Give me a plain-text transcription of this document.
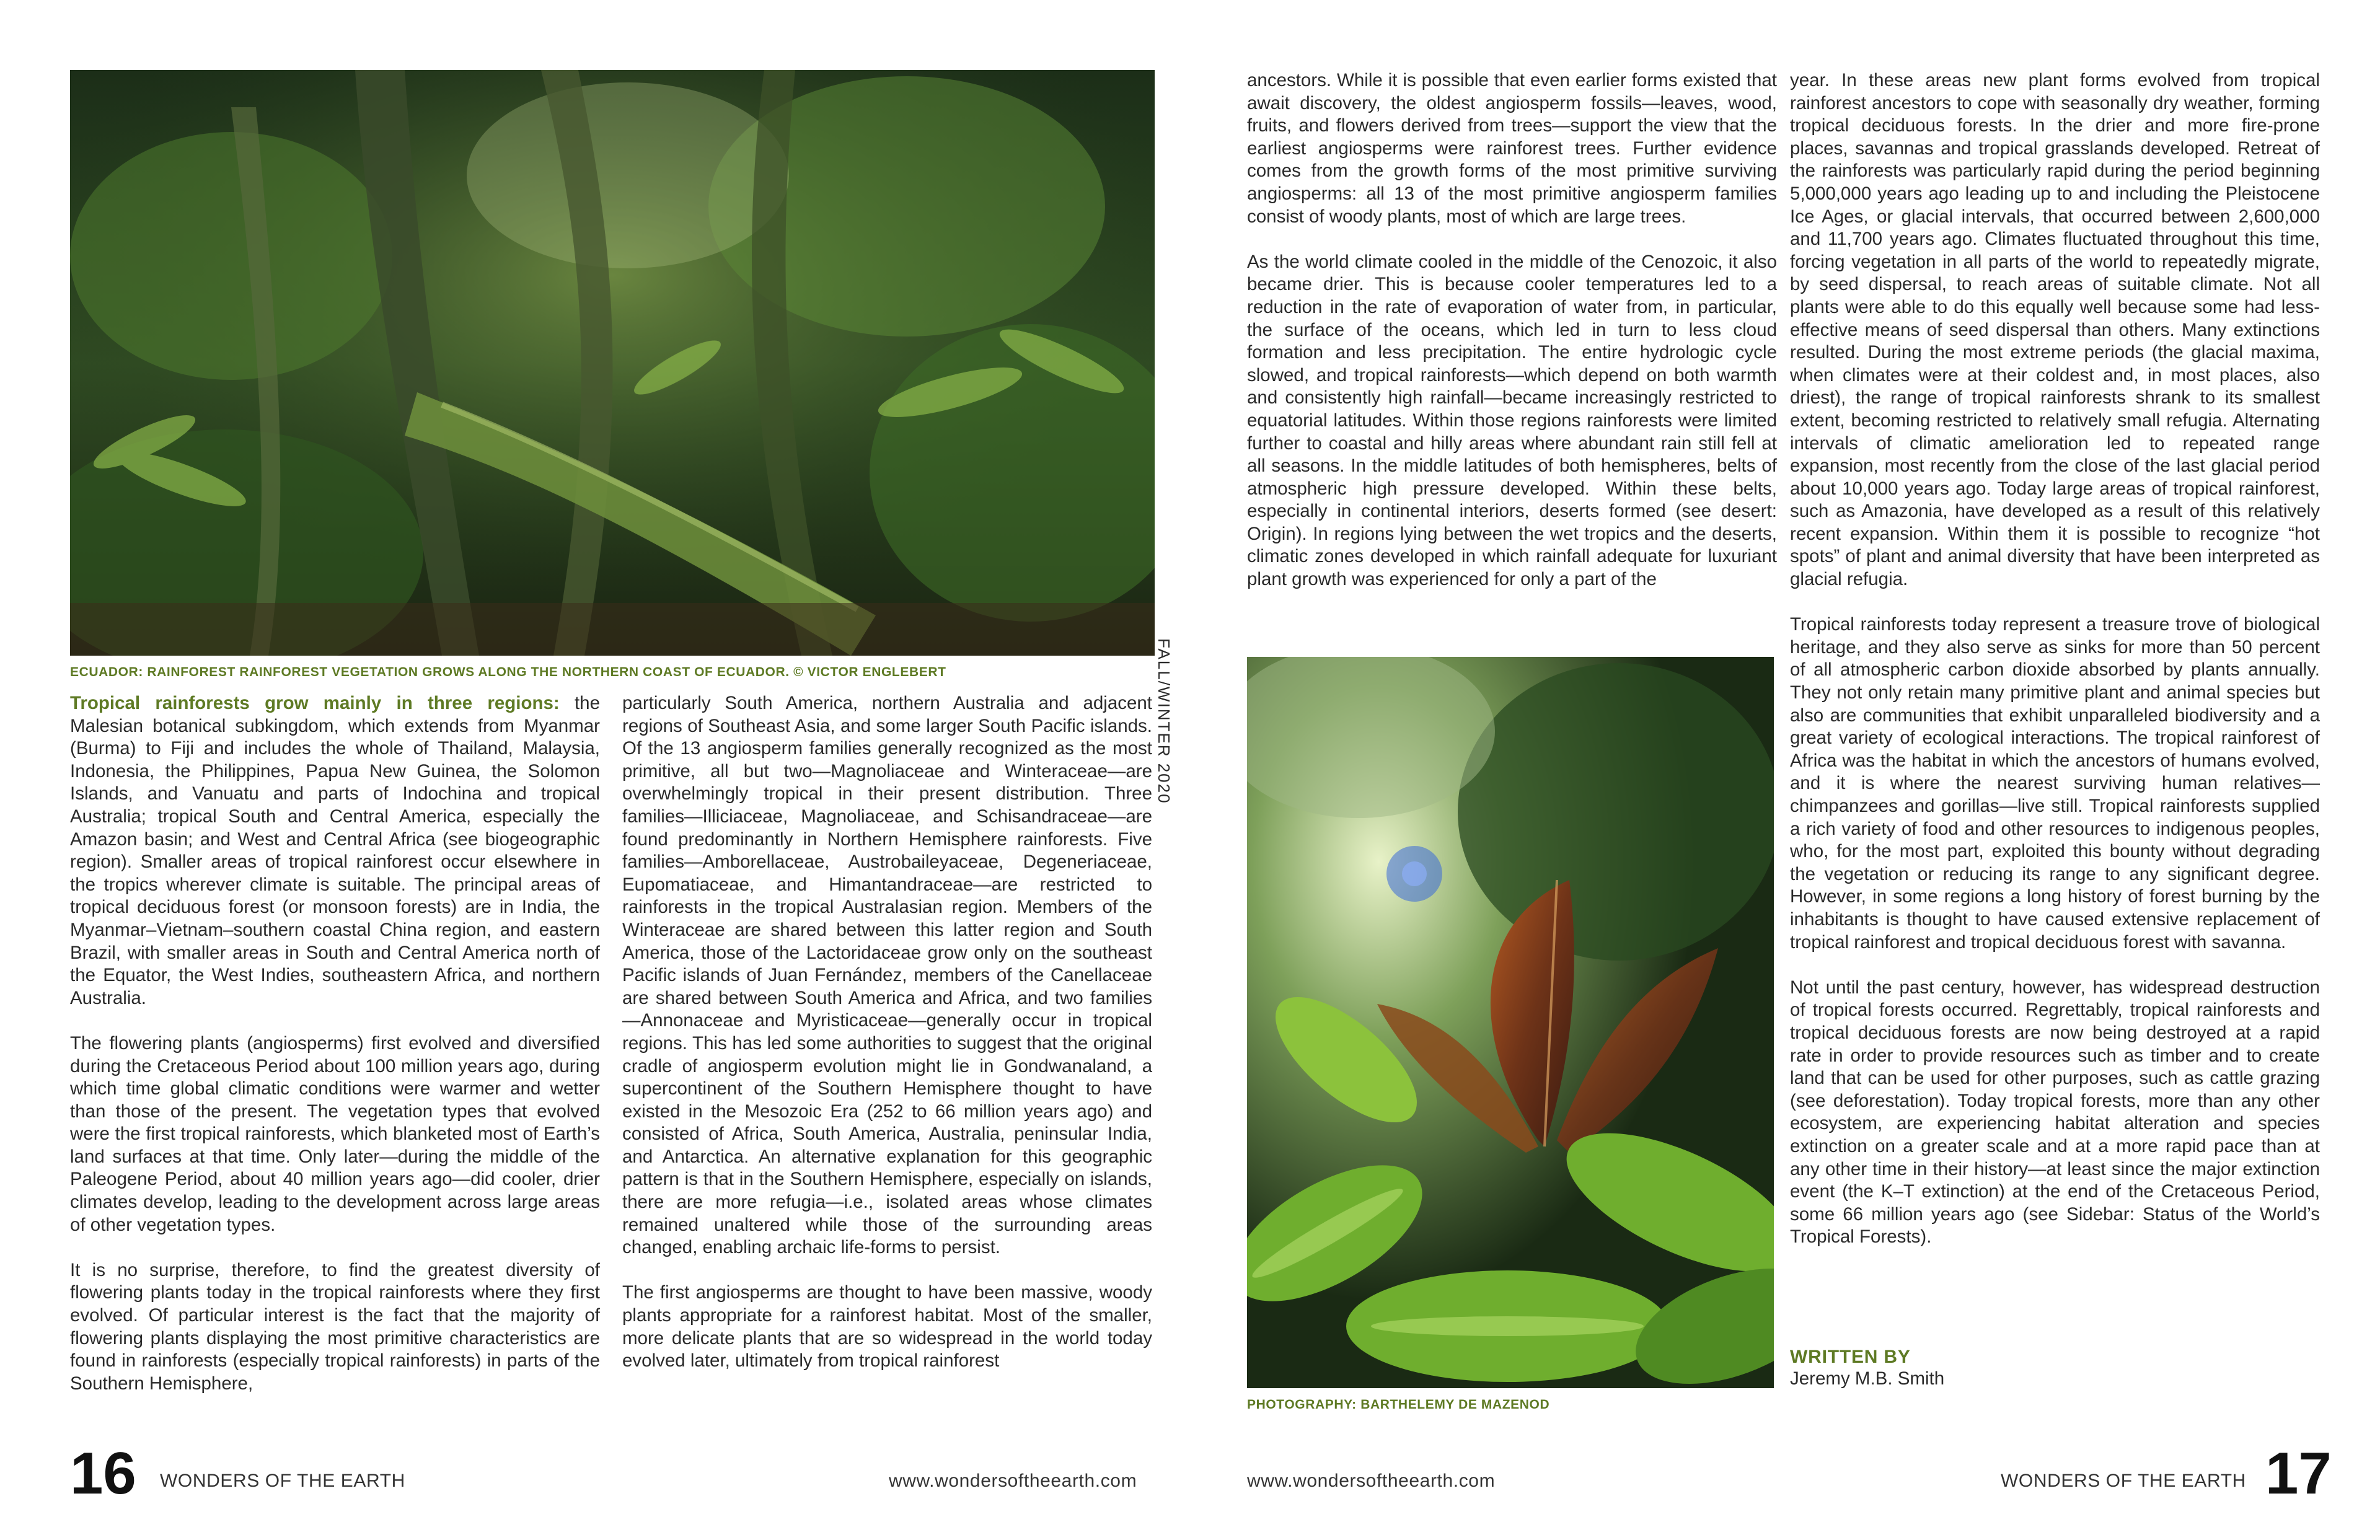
ECUADOR: RAINFOREST RAINFOREST VEGETATION GROWS ALONG THE NORTHERN COAST OF ECUADOR. © VICTOR ENGLEBERT

Tropical rainforests grow mainly in three regions: the Malesian botanical subkingdom, which extends from Myanmar (Burma) to Fiji and includes the whole of Thailand, Malaysia, Indonesia, the Philippines, Papua New Guinea, the Solomon Islands, and Vanuatu and parts of Indochina and tropical Australia; tropical South and Central America, especially the Amazon basin; and West and Central Africa (see biogeographic region). Smaller areas of tropical rainforest occur elsewhere in the tropics wherever climate is suitable. The principal areas of tropical deciduous forest (or monsoon forests) are in India, the Myanmar–Vietnam–southern coastal China region, and eastern Brazil, with smaller areas in South and Central America north of the Equator, the West Indies, southeastern Africa, and northern Australia.

The flowering plants (angiosperms) first evolved and diversified during the Cretaceous Period about 100 million years ago, during which time global climatic conditions were warmer and wetter than those of the present. The vegetation types that evolved were the first tropical rainforests, which blanketed most of Earth’s land surfaces at that time. Only later—during the middle of the Paleogene Period, about 40 million years ago—did cooler, drier climates develop, leading to the development across large areas of other vegetation types.

It is no surprise, therefore, to find the greatest diversity of flowering plants today in the tropical rainforests where they first evolved. Of particular interest is the fact that the majority of flowering plants displaying the most primitive characteristics are found in rainforests (especially tropical rainforests) in parts of the Southern Hemisphere,

particularly South America, northern Australia and adjacent regions of Southeast Asia, and some larger South Pacific islands. Of the 13 angiosperm families generally recognized as the most primitive, all but two—Magnoliaceae and Winteraceae—are overwhelmingly tropical in their present distribution. Three families—Illiciaceae, Magnoliaceae, and Schisandraceae—are found predominantly in Northern Hemisphere rainforests. Five families—Amborellaceae, Austrobaileyaceae, Degeneriaceae, Eupomatiaceae, and Himantandraceae—are restricted to rainforests in the tropical Australasian region. Members of the Winteraceae are shared between this latter region and South America, those of the Lactoridaceae grow only on the southeast Pacific islands of Juan Fernández, members of the Canellaceae are shared between South America and Africa, and two families—Annonaceae and Myristicaceae—generally occur in tropical regions. This has led some authorities to suggest that the original cradle of angiosperm evolution might lie in Gondwanaland, a supercontinent of the Southern Hemisphere thought to have existed in the Mesozoic Era (252 to 66 million years ago) and consisted of Africa, South America, Australia, peninsular India, and Antarctica. An alternative explanation for this geographic pattern is that in the Southern Hemisphere, especially on islands, there are more refugia—i.e., isolated areas whose climates remained unaltered while those of the surrounding areas changed, enabling archaic life-forms to persist.

The first angiosperms are thought to have been massive, woody plants appropriate for a rainforest habitat. Most of the smaller, more delicate plants that are so widespread in the world today evolved later, ultimately from tropical rainforest

FALL/WINTER 2020
16 WONDERS OF THE EARTH	www.wondersoftheearth.com

ancestors. While it is possible that even earlier forms existed that await discovery, the oldest angiosperm fossils—leaves, wood, fruits, and flowers derived from trees—support the view that the earliest angiosperms were rainforest trees. Further evidence comes from the growth forms of the most primitive surviving angiosperms: all 13 of the most primitive angiosperm families consist of woody plants, most of which are large trees.

As the world climate cooled in the middle of the Cenozoic, it also became drier. This is because cooler temperatures led to a reduction in the rate of evaporation of water from, in particular, the surface of the oceans, which led in turn to less cloud formation and less precipitation. The entire hydrologic cycle slowed, and tropical rainforests—which depend on both warmth and consistently high rainfall—became increasingly restricted to equatorial latitudes. Within those regions rainforests were limited further to coastal and hilly areas where abundant rain still fell at all seasons. In the middle latitudes of both hemispheres, belts of atmospheric high pressure developed. Within these belts, especially in continental interiors, deserts formed (see desert: Origin). In regions lying between the wet tropics and the deserts, climatic zones developed in which rainfall adequate for luxuriant plant growth was experienced for only a part of the

PHOTOGRAPHY: BARTHELEMY DE MAZENOD

year. In these areas new plant forms evolved from tropical rainforest ancestors to cope with seasonally dry weather, forming tropical deciduous forests. In the drier and more fire-prone places, savannas and tropical grasslands developed. Retreat of the rainforests was particularly rapid during the period beginning 5,000,000 years ago leading up to and including the Pleistocene Ice Ages, or glacial intervals, that occurred between 2,600,000 and 11,700 years ago. Climates fluctuated throughout this time, forcing vegetation in all parts of the world to repeatedly migrate, by seed dispersal, to reach areas of suitable climate. Not all plants were able to do this equally well because some had less-effective means of seed dispersal than others. Many extinctions resulted. During the most extreme periods (the glacial maxima, when climates were at their coldest and, in most places, also driest), the range of tropical rainforests shrank to its smallest extent, becoming restricted to relatively small refugia. Alternating intervals of climatic amelioration led to repeated range expansion, most recently from the close of the last glacial period about 10,000 years ago. Today large areas of tropical rainforest, such as Amazonia, have developed as a result of this relatively recent expansion. Within them it is possible to recognize “hot spots” of plant and animal diversity that have been interpreted as glacial refugia.

Tropical rainforests today represent a treasure trove of biological heritage, and they also serve as sinks for more than 50 percent of all atmospheric carbon dioxide absorbed by plants annually. They not only retain many primitive plant and animal species but also are communities that exhibit unparalleled biodiversity and a great variety of ecological interactions. The tropical rainforest of Africa was the habitat in which the ancestors of humans evolved, and it is where the nearest surviving human relatives—chimpanzees and gorillas—live still. Tropical rainforests supplied a rich variety of food and other resources to indigenous peoples, who, for the most part, exploited this bounty without degrading the vegetation or reducing its range to any significant degree. However, in some regions a long history of forest burning by the inhabitants is thought to have caused extensive replacement of tropical rainforest and tropical deciduous forest with savanna.

Not until the past century, however, has widespread destruction of tropical forests occurred. Regrettably, tropical rainforests and tropical deciduous forests are now being destroyed at a rapid rate in order to provide resources such as timber and to create land that can be used for other purposes, such as cattle grazing (see deforestation). Today tropical forests, more than any other ecosystem, are experiencing habitat alteration and species extinction on a greater scale and at a more rapid pace than at any other time in their history—at least since the major extinction event (the K–T extinction) at the end of the Cretaceous Period, some 66 million years ago (see Sidebar: Status of the World’s Tropical Forests).

WRITTEN BY
Jeremy M.B. Smith
www.wondersoftheearth.com	WONDERS OF THE EARTH 17
